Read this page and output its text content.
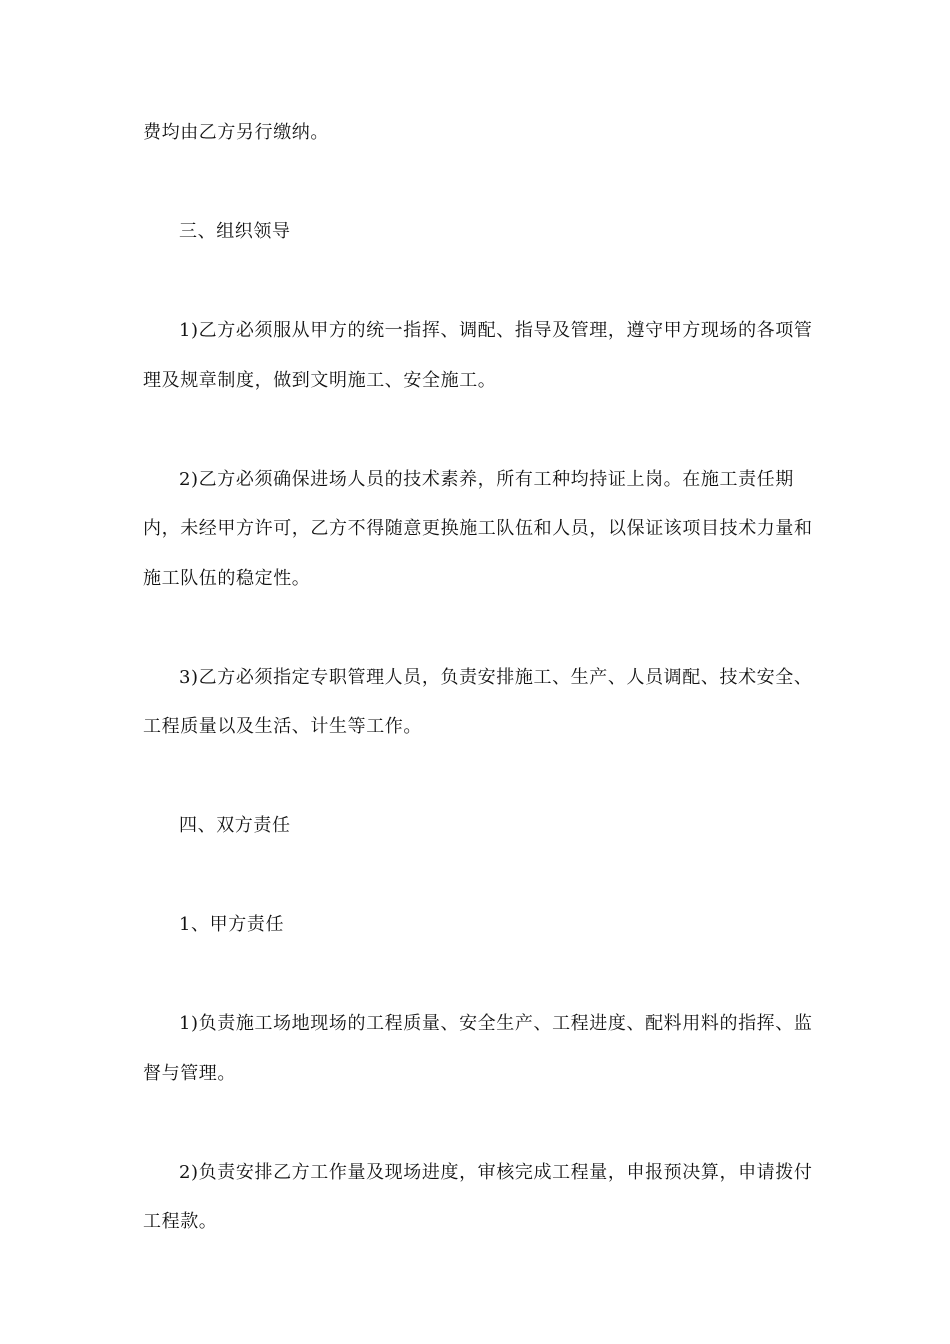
费均由乙方另行缴纳。

三、组织领导

1)乙方必须服从甲方的统一指挥、调配、指导及管理，遵守甲方现场的各项管理及规章制度，做到文明施工、安全施工。

2)乙方必须确保进场人员的技术素养，所有工种均持证上岗。在施工责任期内，未经甲方许可，乙方不得随意更换施工队伍和人员，以保证该项目技术力量和施工队伍的稳定性。

3)乙方必须指定专职管理人员，负责安排施工、生产、人员调配、技术安全、工程质量以及生活、计生等工作。

四、双方责任

1、甲方责任

1)负责施工场地现场的工程质量、安全生产、工程进度、配料用料的指挥、监督与管理。

2)负责安排乙方工作量及现场进度，审核完成工程量，申报预决算，申请拨付工程款。
